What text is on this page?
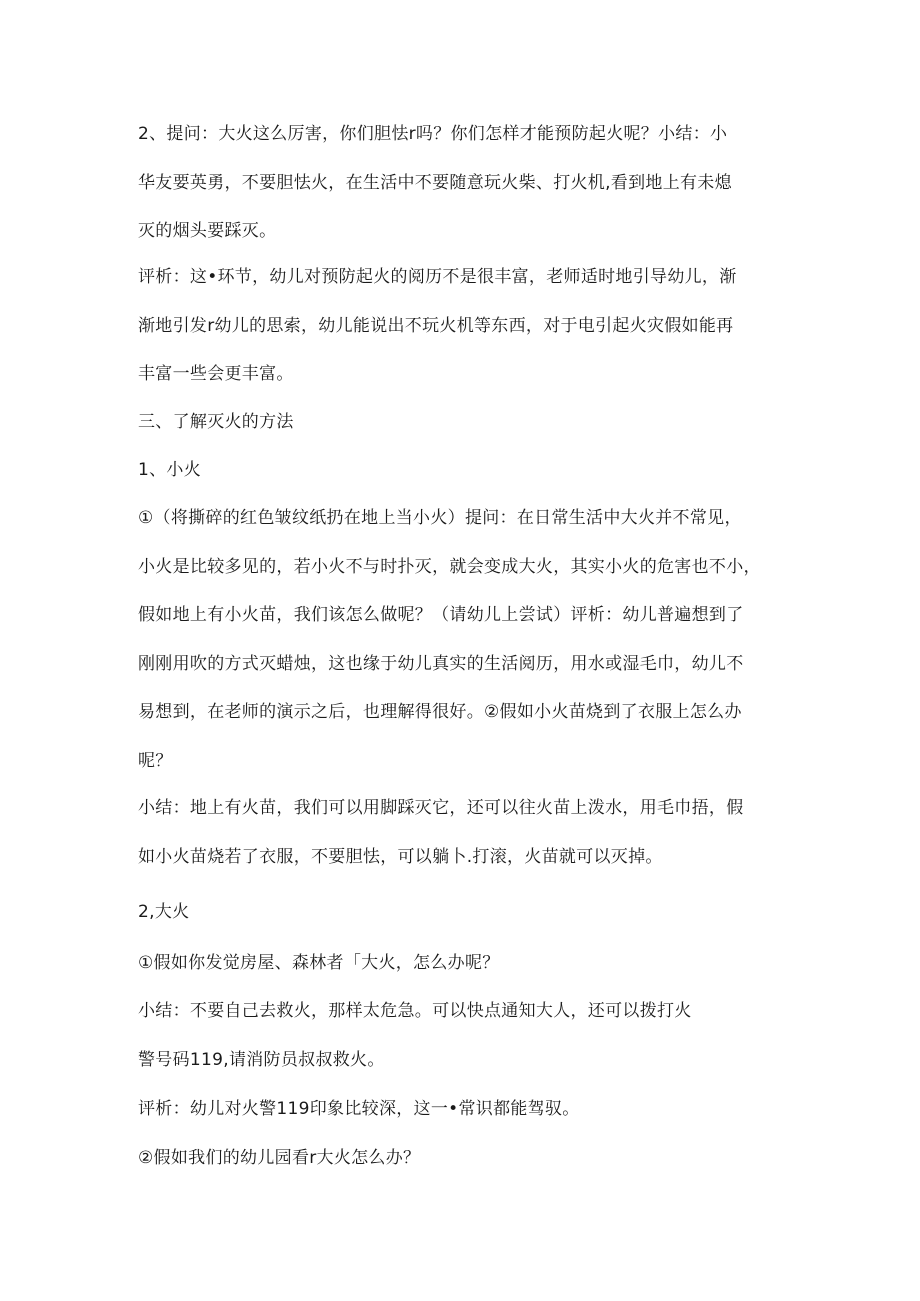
2、提问：大火这么厉害，你们胆怯r吗？你们怎样才能预防起火呢？小结：小
华友要英勇，不要胆怯火，在生活中不要随意玩火柴、打火机,看到地上有未熄
灭的烟头要踩灭。
评析：这•环节，幼儿对预防起火的阅历不是很丰富，老师适时地引导幼儿，渐
渐地引发r幼儿的思索，幼儿能说出不玩火机等东西，对于电引起火灾假如能再
丰富一些会更丰富。
三、了解灭火的方法
1、小火
①（将撕碎的红色皱纹纸扔在地上当小火）提问：在日常生活中大火并不常见，
小火是比较多见的，若小火不与时扑灭，就会变成大火，其实小火的危害也不小，
假如地上有小火苗，我们该怎么做呢？（请幼儿上尝试）评析：幼儿普遍想到了
刚刚用吹的方式灭蜡烛，这也缘于幼儿真实的生活阅历，用水或湿毛巾，幼儿不
易想到，在老师的演示之后，也理解得很好。②假如小火苗烧到了衣服上怎么办
呢？
小结：地上有火苗，我们可以用脚踩灭它，还可以往火苗上泼水，用毛巾捂，假
如小火苗烧若了衣服，不要胆怯，可以躺卜.打滚，火苗就可以灭掉。
2,大火
①假如你发觉房屋、森林者「大火，怎么办呢？
小结：不要自己去救火，那样太危急。可以快点通知大人，还可以拨打火
警号码119,请消防员叔叔救火。
评析：幼儿对火警119印象比较深，这一•常识都能驾驭。
②假如我们的幼儿园看r大火怎么办？
